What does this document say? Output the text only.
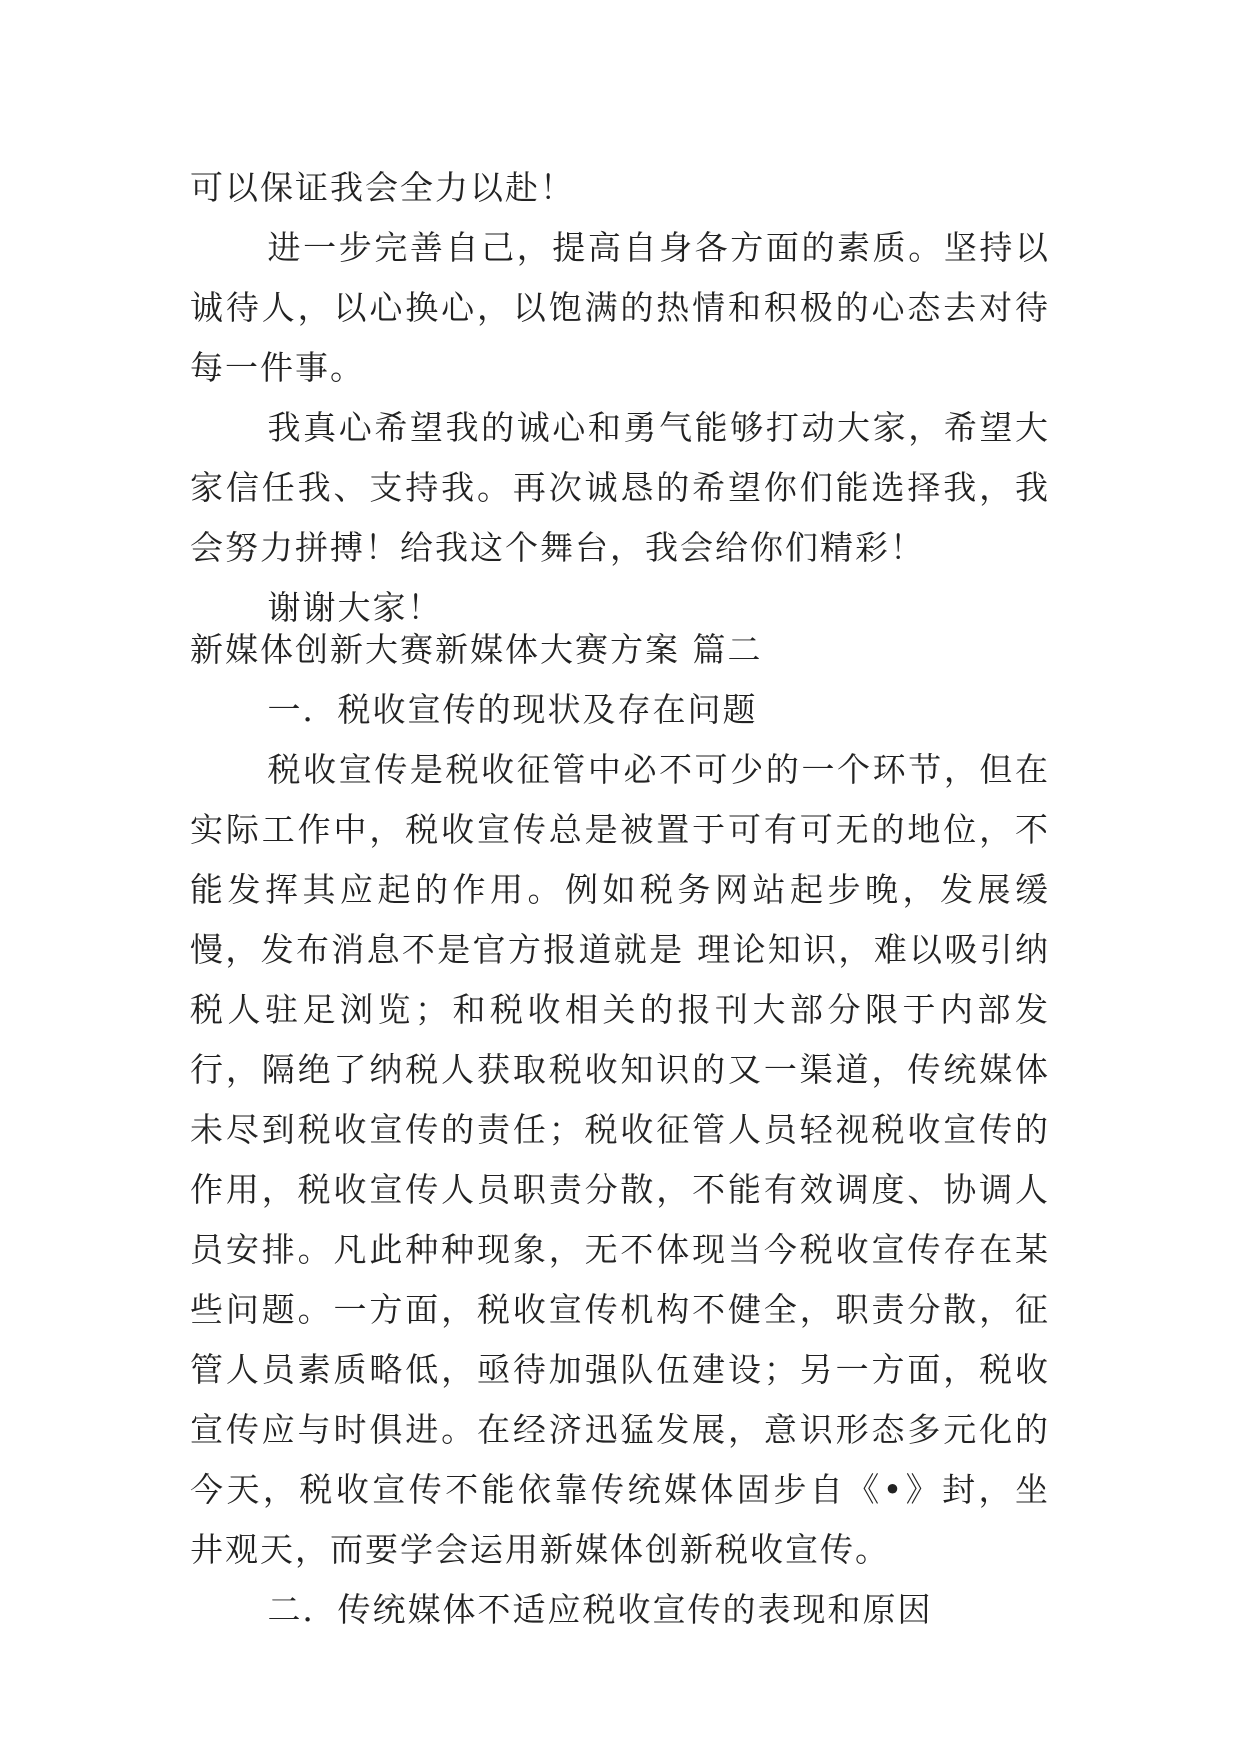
可以保证我会全力以赴！

进一步完善自己，提高自身各方面的素质。坚持以诚待人，以心换心，以饱满的热情和积极的心态去对待每一件事。

我真心希望我的诚心和勇气能够打动大家，希望大家信任我、支持我。再次诚恳的希望你们能选择我，我会努力拼搏！给我这个舞台，我会给你们精彩！

谢谢大家！

新媒体创新大赛新媒体大赛方案 篇二

一．税收宣传的现状及存在问题

税收宣传是税收征管中必不可少的一个环节，但在实际工作中，税收宣传总是被置于可有可无的地位，不能发挥其应起的作用。例如税务网站起步晚，发展缓慢，发布消息不是官方报道就是 理论知识，难以吸引纳税人驻足浏览；和税收相关的报刊大部分限于内部发行，隔绝了纳税人获取税收知识的又一渠道，传统媒体未尽到税收宣传的责任；税收征管人员轻视税收宣传的作用，税收宣传人员职责分散，不能有效调度、协调人员安排。凡此种种现象，无不体现当今税收宣传存在某些问题。一方面，税收宣传机构不健全，职责分散，征管人员素质略低，亟待加强队伍建设；另一方面，税收宣传应与时俱进。在经济迅猛发展，意识形态多元化的今天，税收宣传不能依靠传统媒体固步自《•》封，坐井观天，而要学会运用新媒体创新税收宣传。

二．传统媒体不适应税收宣传的表现和原因
